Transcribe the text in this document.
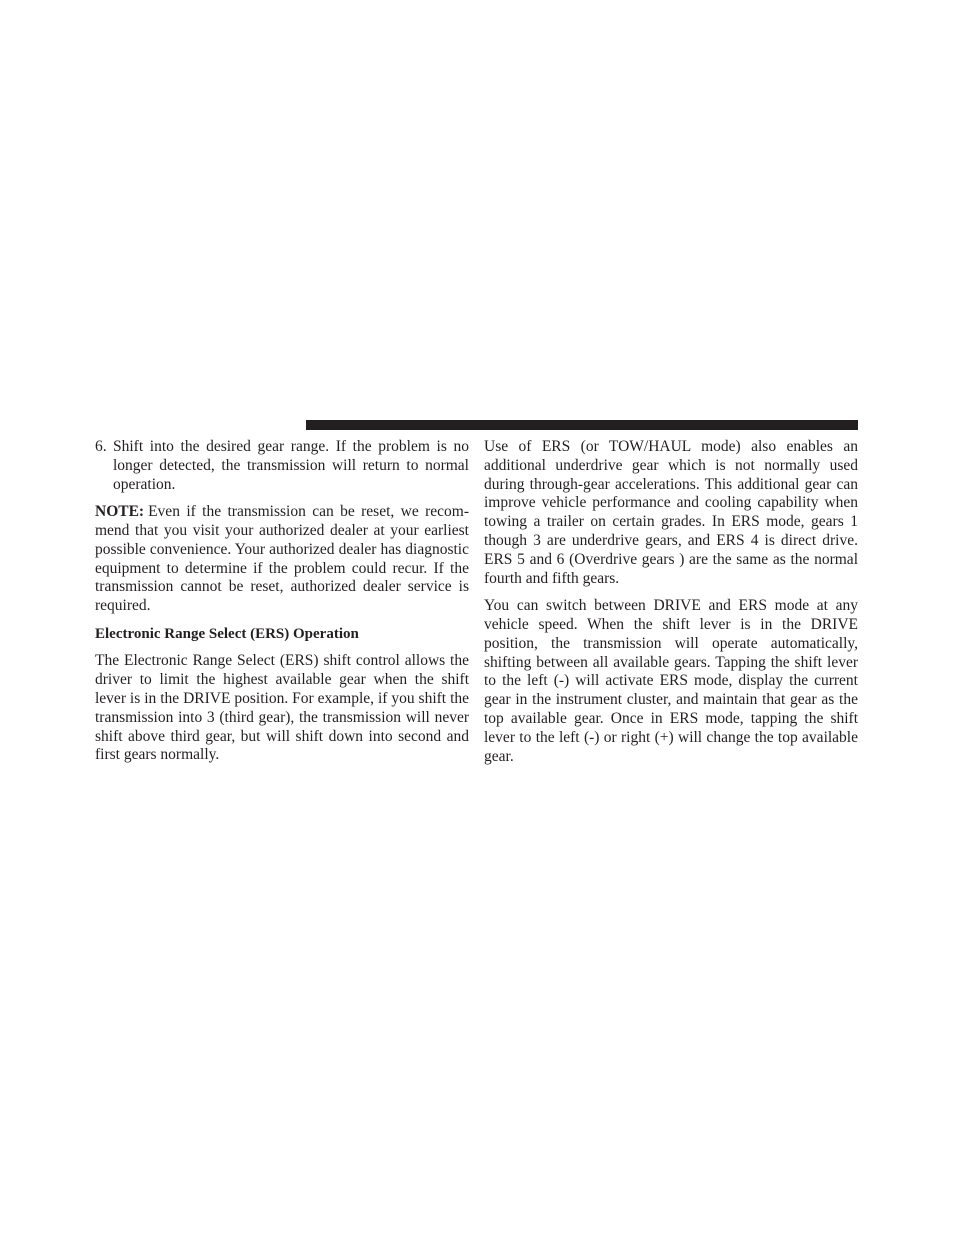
6. Shift into the desired gear range. If the problem is no longer detected, the transmission will return to normal operation.

NOTE: Even if the transmission can be reset, we recom-mend that you visit your authorized dealer at your earliest possible convenience. Your authorized dealer has diagnostic equipment to determine if the problem could recur. If the transmission cannot be reset, authorized dealer service is required.

Electronic Range Select (ERS) Operation

The Electronic Range Select (ERS) shift control allows the driver to limit the highest available gear when the shift lever is in the DRIVE position. For example, if you shift the transmission into 3 (third gear), the transmission will never shift above third gear, but will shift down into second and first gears normally.

Use of ERS (or TOW/HAUL mode) also enables an additional underdrive gear which is not normally used during through-gear accelerations. This additional gear can improve vehicle performance and cooling capability when towing a trailer on certain grades. In ERS mode, gears 1 though 3 are underdrive gears, and ERS 4 is direct drive. ERS 5 and 6 (Overdrive gears ) are the same as the normal fourth and fifth gears.

You can switch between DRIVE and ERS mode at any vehicle speed. When the shift lever is in the DRIVE position, the transmission will operate automatically, shifting between all available gears. Tapping the shift lever to the left (-) will activate ERS mode, display the current gear in the instrument cluster, and maintain that gear as the top available gear. Once in ERS mode, tapping the shift lever to the left (-) or right (+) will change the top available gear.
